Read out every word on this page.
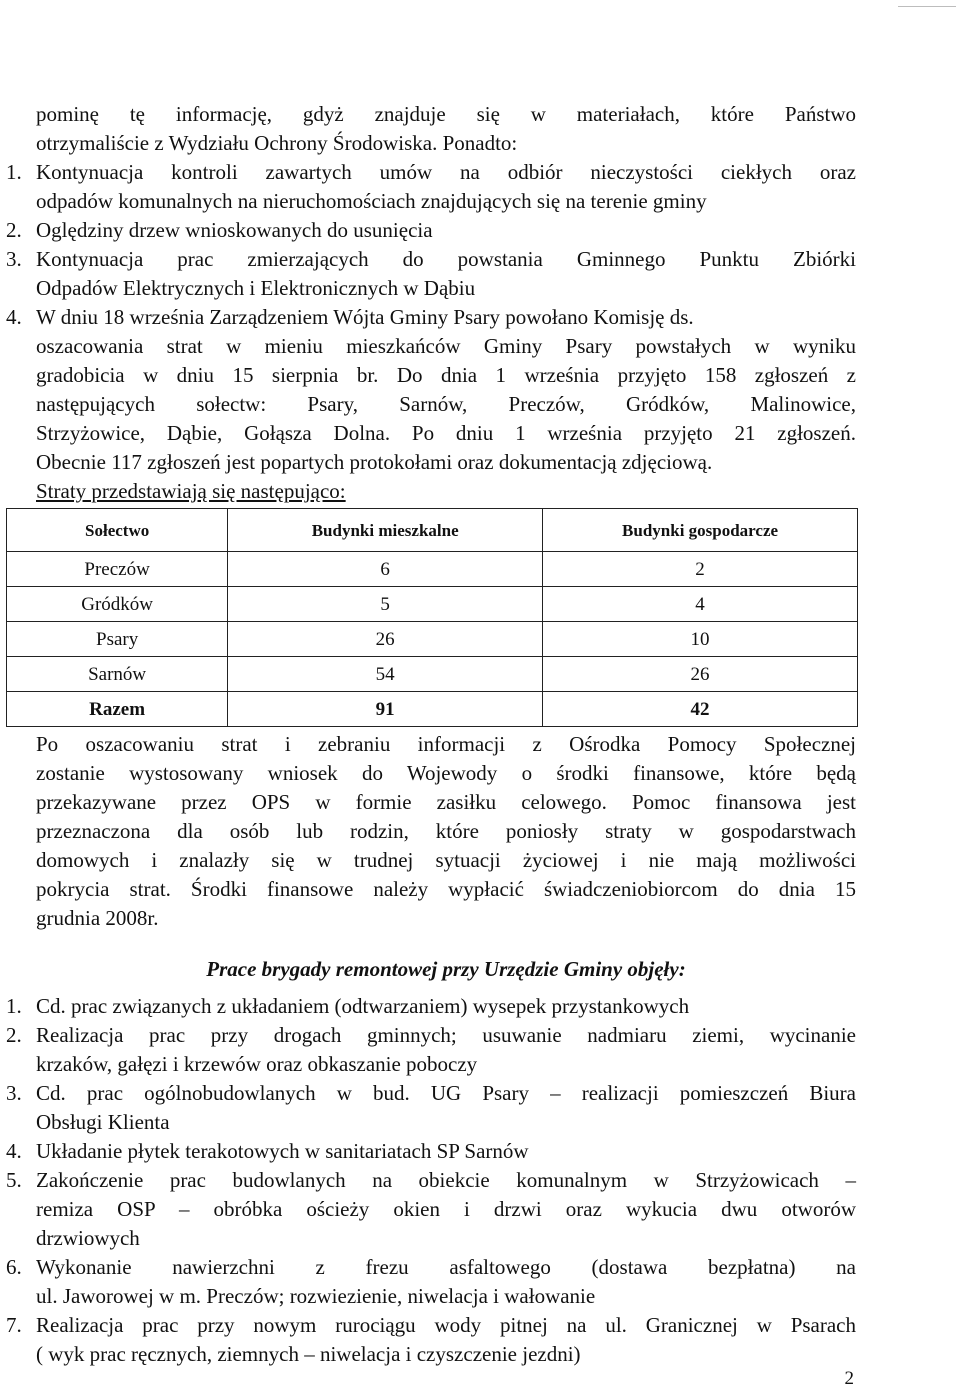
pominę tę informację, gdyż znajduje się w materiałach, które Państwo

otrzymaliście z Wydziału Ochrony Środowiska. Ponadto:

1. Kontynuacja kontroli zawartych umów na odbiór nieczystości ciekłych oraz
odpadów komunalnych na nieruchomościach znajdujących się na terenie gminy
2. Oględziny drzew wnioskowanych do usunięcia
3. Kontynuacja prac zmierzających do powstania Gminnego Punktu Zbiórki
Odpadów Elektrycznych i Elektronicznych w Dąbiu
4. W dniu 18 września Zarządzeniem Wójta Gminy Psary powołano Komisję ds.
oszacowania strat w mieniu mieszkańców Gminy Psary powstałych w wyniku
gradobicia w dniu 15 sierpnia br. Do dnia 1 września przyjęto 158 zgłoszeń z
następujących sołectw: Psary, Sarnów, Preczów, Gródków, Malinowice,
Strzyżowice, Dąbie, Gołąsza Dolna. Po dniu 1 września przyjęto 21 zgłoszeń.
Obecnie 117 zgłoszeń jest popartych protokołami oraz dokumentacją zdjęciową.
Straty przedstawiają się następująco:
Sołectwo	Budynki mieszkalne	Budynki gospodarcze
Preczów	6	2
Gródków	5	4
Psary	26	10
Sarnów	54	26
Razem	91	42
Po oszacowaniu strat i zebraniu informacji z Ośrodka Pomocy Społecznej
zostanie wystosowany wniosek do Wojewody o środki finansowe, które będą
przekazywane przez OPS w formie zasiłku celowego. Pomoc finansowa jest
przeznaczona dla osób lub rodzin, które poniosły straty w gospodarstwach
domowych i znalazły się w trudnej sytuacji życiowej i nie mają możliwości
pokrycia strat. Środki finansowe należy wypłacić świadczeniobiorcom do dnia 15
grudnia 2008r.
Prace brygady remontowej przy Urzędzie Gminy objęły:
1. Cd. prac związanych z układaniem (odtwarzaniem) wysepek przystankowych
2. Realizacja prac przy drogach gminnych; usuwanie nadmiaru ziemi, wycinanie
krzaków, gałęzi i krzewów oraz obkaszanie poboczy
3. Cd. prac ogólnobudowlanych w bud. UG Psary – realizacji pomieszczeń Biura
Obsługi Klienta
4. Układanie płytek terakotowych w sanitariatach SP Sarnów
5. Zakończenie prac budowlanych na obiekcie komunalnym w Strzyżowicach –
remiza OSP – obróbka ościeży okien i drzwi oraz wykucia dwu otworów
drzwiowych
6. Wykonanie nawierzchni z frezu asfaltowego (dostawa bezpłatna) na
ul. Jaworowej w m. Preczów; rozwiezienie, niwelacja i wałowanie
7. Realizacja prac przy nowym rurociągu wody pitnej na ul. Granicznej w Psarach
( wyk prac ręcznych, ziemnych – niwelacja i czyszczenie jezdni)
2
